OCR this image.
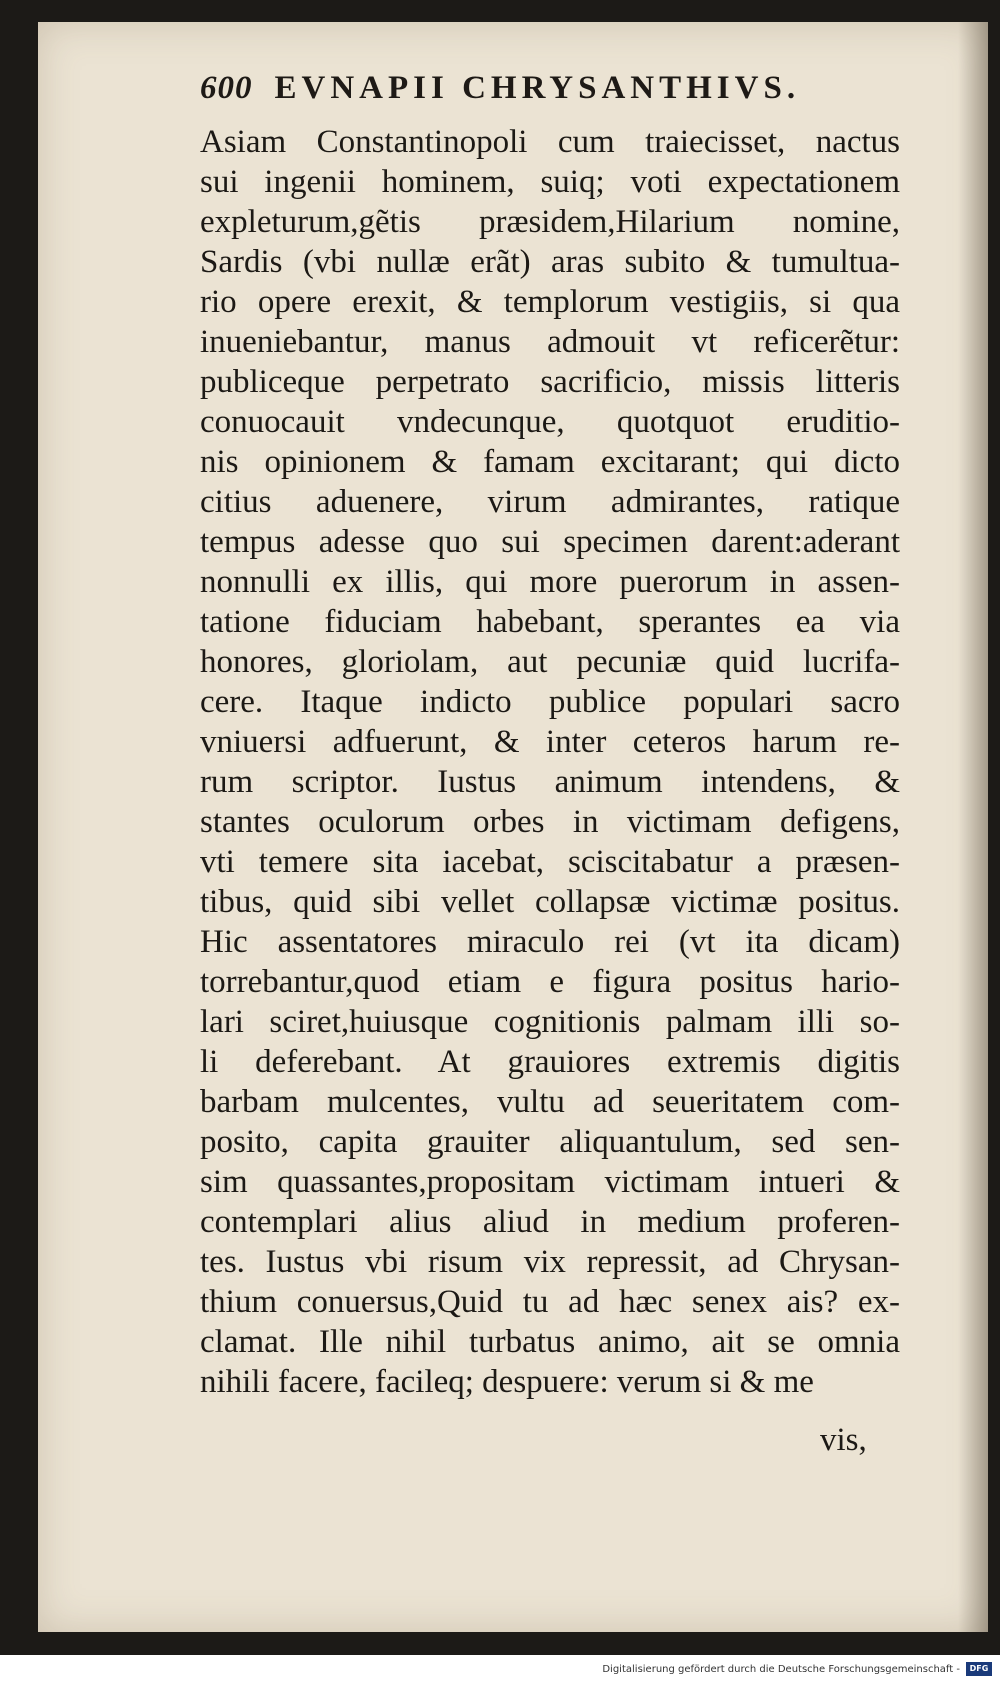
600 EVNAPII CHRYSANTHIVS.
Asiam Constantinopoli cum traiecisset, nactus
sui ingenii hominem, suiq; voti expectationem
expleturum,gẽtis præsidem,Hilarium nomine,
Sardis (vbi nullæ erãt) aras subito & tumultua-
rio opere erexit, & templorum vestigiis, si qua
inueniebantur, manus admouit vt reficerẽtur:
publiceque perpetrato sacrificio, missis litteris
conuocauit vndecunque, quotquot eruditio-
nis opinionem & famam excitarant; qui dicto
citius aduenere, virum admirantes, ratique
tempus adesse quo sui specimen darent:aderant
nonnulli ex illis, qui more puerorum in assen-
tatione fiduciam habebant, sperantes ea via
honores, gloriolam, aut pecuniæ quid lucrifa-
cere. Itaque indicto publice populari sacro
vniuersi adfuerunt, & inter ceteros harum re-
rum scriptor. Iustus animum intendens, &
stantes oculorum orbes in victimam defigens,
vti temere sita iacebat, sciscitabatur a præsen-
tibus, quid sibi vellet collapsæ victimæ positus.
Hic assentatores miraculo rei (vt ita dicam)
torrebantur,quod etiam e figura positus hario-
lari sciret,huiusque cognitionis palmam illi so-
li deferebant. At grauiores extremis digitis
barbam mulcentes, vultu ad seueritatem com-
posito, capita grauiter aliquantulum, sed sen-
sim quassantes,propositam victimam intueri &
contemplari alius aliud in medium proferen-
tes. Iustus vbi risum vix repressit, ad Chrysan-
thium conuersus,Quid tu ad hæc senex ais? ex-
clamat. Ille nihil turbatus animo, ait se omnia
nihili facere, facileq; despuere: verum si & me
vis,
Digitalisierung gefördert durch die Deutsche Forschungsgemeinschaft -	DFG
